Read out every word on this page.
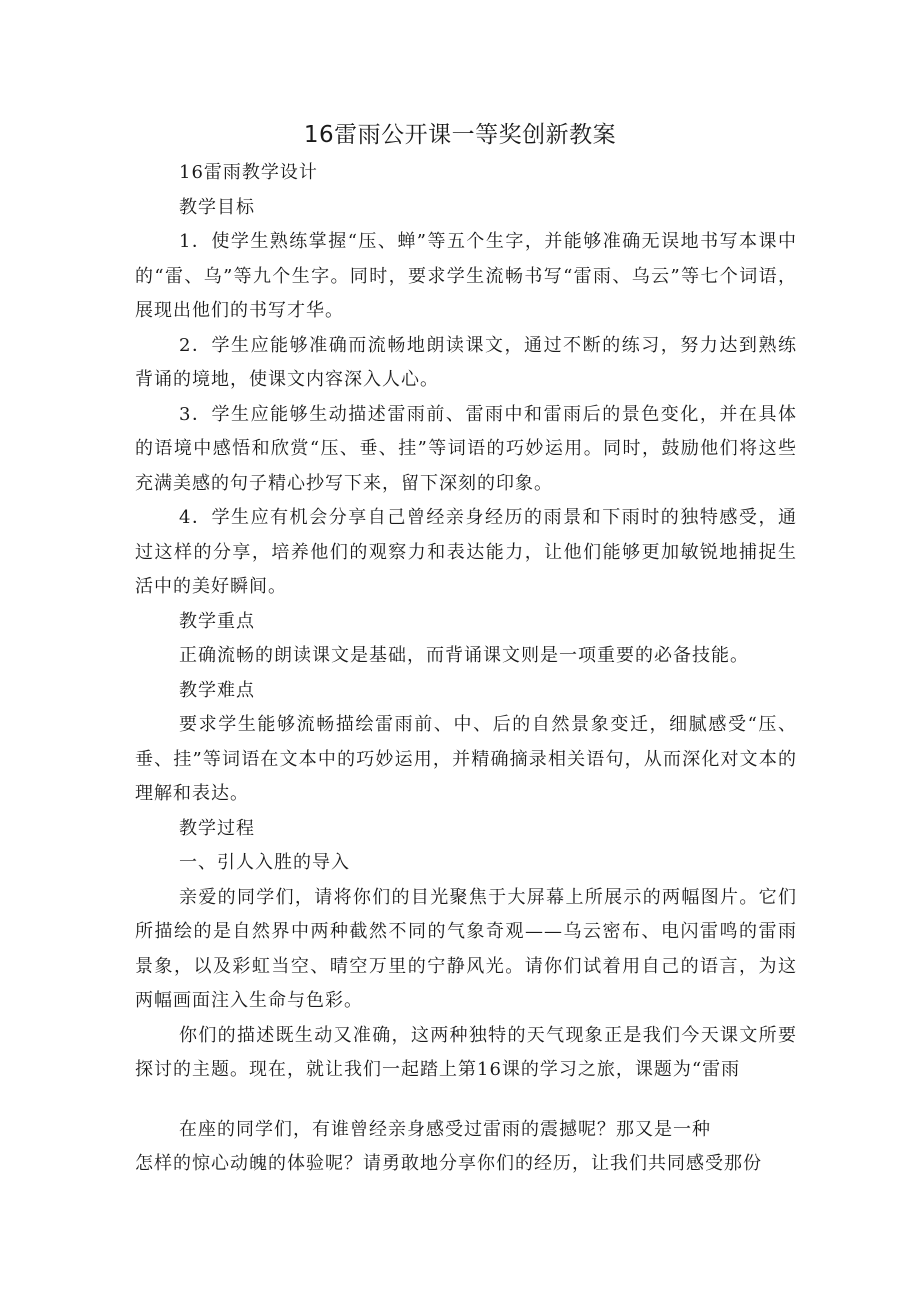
16雷雨公开课一等奖创新教案

16雷雨教学设计

教学目标

1．使学生熟练掌握“压、蝉”等五个生字，并能够准确无误地书写本课中的“雷、乌”等九个生字。同时，要求学生流畅书写“雷雨、乌云”等七个词语，展现出他们的书写才华。

2．学生应能够准确而流畅地朗读课文，通过不断的练习，努力达到熟练背诵的境地，使课文内容深入人心。

3．学生应能够生动描述雷雨前、雷雨中和雷雨后的景色变化，并在具体的语境中感悟和欣赏“压、垂、挂”等词语的巧妙运用。同时，鼓励他们将这些充满美感的句子精心抄写下来，留下深刻的印象。

4．学生应有机会分享自己曾经亲身经历的雨景和下雨时的独特感受，通过这样的分享，培养他们的观察力和表达能力，让他们能够更加敏锐地捕捉生活中的美好瞬间。

教学重点

正确流畅的朗读课文是基础，而背诵课文则是一项重要的必备技能。

教学难点

要求学生能够流畅描绘雷雨前、中、后的自然景象变迁，细腻感受“压、垂、挂”等词语在文本中的巧妙运用，并精确摘录相关语句，从而深化对文本的理解和表达。

教学过程

一、引人入胜的导入

亲爱的同学们，请将你们的目光聚焦于大屏幕上所展示的两幅图片。它们所描绘的是自然界中两种截然不同的气象奇观——乌云密布、电闪雷鸣的雷雨景象，以及彩虹当空、晴空万里的宁静风光。请你们试着用自己的语言，为这两幅画面注入生命与色彩。

你们的描述既生动又准确，这两种独特的天气现象正是我们今天课文所要探讨的主题。现在，就让我们一起踏上第16课的学习之旅，课题为“雷雨

在座的同学们，有谁曾经亲身感受过雷雨的震撼呢？那又是一种

怎样的惊心动魄的体验呢？请勇敢地分享你们的经历，让我们共同感受那份
